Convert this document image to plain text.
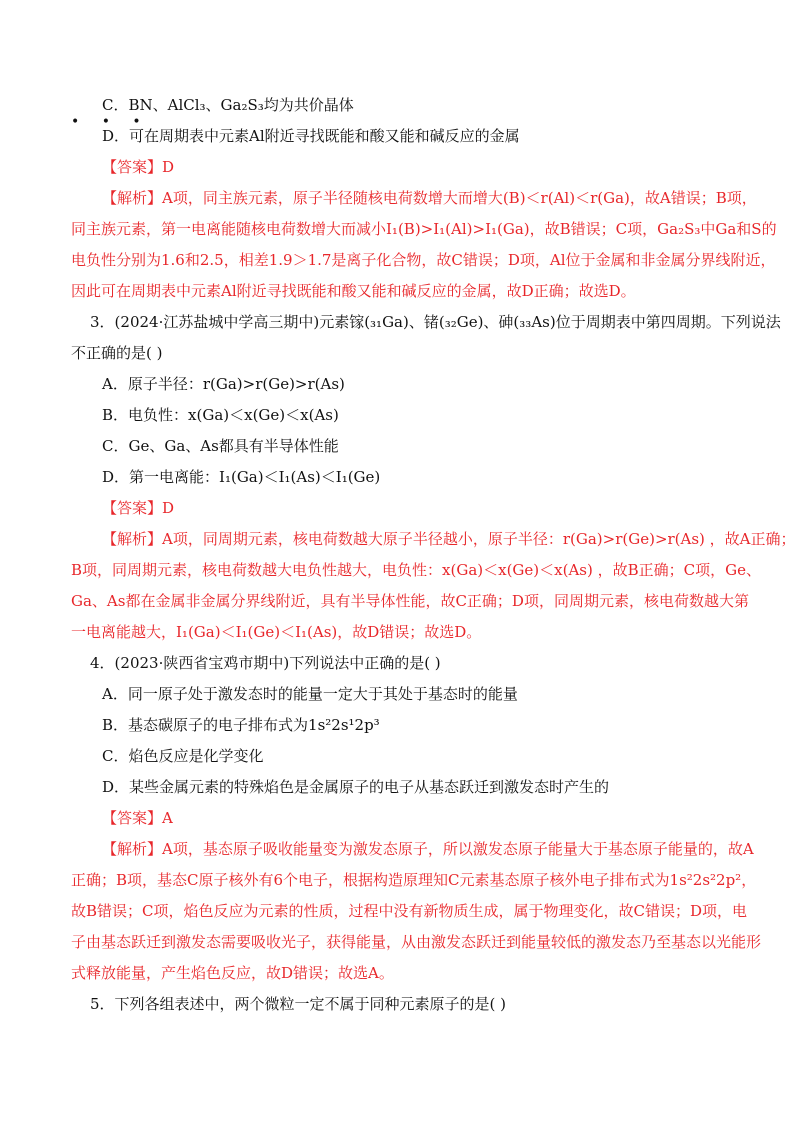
C．BN、AlCl₃、Ga₂S₃均为共价晶体
D．可在周期表中元素Al附近寻找既能和酸又能和碱反应的金属
【答案】D
【解析】A项，同主族元素，原子半径随核电荷数增大而增大(B)＜r(Al)＜r(Ga)，故A错误；B项，
同主族元素，第一电离能随核电荷数增大而减小I₁(B)>I₁(Al)>I₁(Ga)，故B错误；C项，Ga₂S₃中Ga和S的
电负性分别为1.6和2.5，相差1.9＞1.7是离子化合物，故C错误；D项，Al位于金属和非金属分界线附近，
因此可在周期表中元素Al附近寻找既能和酸又能和碱反应的金属，故D正确；故选D。
3．(2024·江苏盐城中学高三期中)元素镓(₃₁Ga)、锗(₃₂Ge)、砷(₃₃As)位于周期表中第四周期。下列说法
• • •
不正确的是( )
A．原子半径：r(Ga)>r(Ge)>r(As)
B．电负性：x(Ga)＜x(Ge)＜x(As)
C．Ge、Ga、As都具有半导体性能
D．第一电离能：I₁(Ga)＜I₁(As)＜I₁(Ge)
【答案】D
【解析】A项，同周期元素，核电荷数越大原子半径越小，原子半径：r(Ga)>r(Ge)>r(As) ，故A正确；
B项，同周期元素，核电荷数越大电负性越大，电负性：x(Ga)＜x(Ge)＜x(As) ，故B正确；C项，Ge、
Ga、As都在金属非金属分界线附近，具有半导体性能，故C正确；D项，同周期元素，核电荷数越大第
一电离能越大，I₁(Ga)＜I₁(Ge)＜I₁(As)，故D错误；故选D。
4．(2023·陕西省宝鸡市期中)下列说法中正确的是( )
A．同一原子处于激发态时的能量一定大于其处于基态时的能量
B．基态碳原子的电子排布式为1s²2s¹2p³
C．焰色反应是化学变化
D．某些金属元素的特殊焰色是金属原子的电子从基态跃迁到激发态时产生的
【答案】A
【解析】A项，基态原子吸收能量变为激发态原子，所以激发态原子能量大于基态原子能量的，故A
正确；B项，基态C原子核外有6个电子，根据构造原理知C元素基态原子核外电子排布式为1s²2s²2p²，
故B错误；C项，焰色反应为元素的性质，过程中没有新物质生成，属于物理变化，故C错误；D项，电
子由基态跃迁到激发态需要吸收光子，获得能量，从由激发态跃迁到能量较低的激发态乃至基态以光能形
式释放能量，产生焰色反应，故D错误；故选A。
5．下列各组表述中，两个微粒一定不属于同种元素原子的是( )
